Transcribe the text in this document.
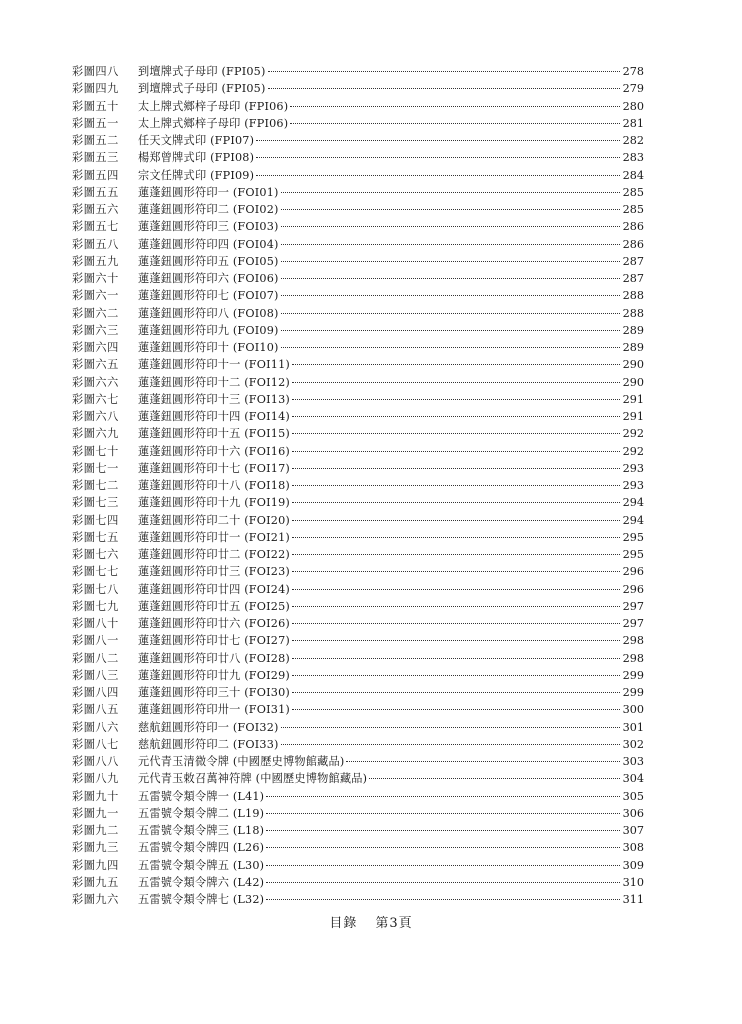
彩圖四八	到壇牌式子母印 (FPI05)	278
彩圖四九	到壇牌式子母印 (FPI05)	279
彩圖五十	太上牌式鄉梓子母印 (FPI06)	280
彩圖五一	太上牌式鄉梓子母印 (FPI06)	281
彩圖五二	任天文牌式印 (FPI07)	282
彩圖五三	楊郑曾牌式印 (FPI08)	283
彩圖五四	宗文任牌式印 (FPI09)	284
彩圖五五	蓮蓬鈕圓形符印一 (FOI01)	285
彩圖五六	蓮蓬鈕圓形符印二 (FOI02)	285
彩圖五七	蓮蓬鈕圓形符印三 (FOI03)	286
彩圖五八	蓮蓬鈕圓形符印四 (FOI04)	286
彩圖五九	蓮蓬鈕圓形符印五 (FOI05)	287
彩圖六十	蓮蓬鈕圓形符印六 (FOI06)	287
彩圖六一	蓮蓬鈕圓形符印七 (FOI07)	288
彩圖六二	蓮蓬鈕圓形符印八 (FOI08)	288
彩圖六三	蓮蓬鈕圓形符印九 (FOI09)	289
彩圖六四	蓮蓬鈕圓形符印十 (FOI10)	289
彩圖六五	蓮蓬鈕圓形符印十一 (FOI11)	290
彩圖六六	蓮蓬鈕圓形符印十二 (FOI12)	290
彩圖六七	蓮蓬鈕圓形符印十三 (FOI13)	291
彩圖六八	蓮蓬鈕圓形符印十四 (FOI14)	291
彩圖六九	蓮蓬鈕圓形符印十五 (FOI15)	292
彩圖七十	蓮蓬鈕圓形符印十六 (FOI16)	292
彩圖七一	蓮蓬鈕圓形符印十七 (FOI17)	293
彩圖七二	蓮蓬鈕圓形符印十八 (FOI18)	293
彩圖七三	蓮蓬鈕圓形符印十九 (FOI19)	294
彩圖七四	蓮蓬鈕圓形符印二十 (FOI20)	294
彩圖七五	蓮蓬鈕圓形符印廿一 (FOI21)	295
彩圖七六	蓮蓬鈕圓形符印廿二 (FOI22)	295
彩圖七七	蓮蓬鈕圓形符印廿三 (FOI23)	296
彩圖七八	蓮蓬鈕圓形符印廿四 (FOI24)	296
彩圖七九	蓮蓬鈕圓形符印廿五 (FOI25)	297
彩圖八十	蓮蓬鈕圓形符印廿六 (FOI26)	297
彩圖八一	蓮蓬鈕圓形符印廿七 (FOI27)	298
彩圖八二	蓮蓬鈕圓形符印廿八 (FOI28)	298
彩圖八三	蓮蓬鈕圓形符印廿九 (FOI29)	299
彩圖八四	蓮蓬鈕圓形符印三十 (FOI30)	299
彩圖八五	蓮蓬鈕圓形符印卅一 (FOI31)	300
彩圖八六	慈航鈕圓形符印一 (FOI32)	301
彩圖八七	慈航鈕圓形符印二 (FOI33)	302
彩圖八八	元代青玉清微令牌 (中國歷史博物館藏品)	303
彩圖八九	元代青玉敕召萬神符牌 (中國歷史博物館藏品)	304
彩圖九十	五雷號令類令牌一 (L41)	305
彩圖九一	五雷號令類令牌二 (L19)	306
彩圖九二	五雷號令類令牌三 (L18)	307
彩圖九三	五雷號令類令牌四 (L26)	308
彩圖九四	五雷號令類令牌五 (L30)	309
彩圖九五	五雷號令類令牌六 (L42)	310
彩圖九六	五雷號令類令牌七 (L32)	311
目錄 第3頁
